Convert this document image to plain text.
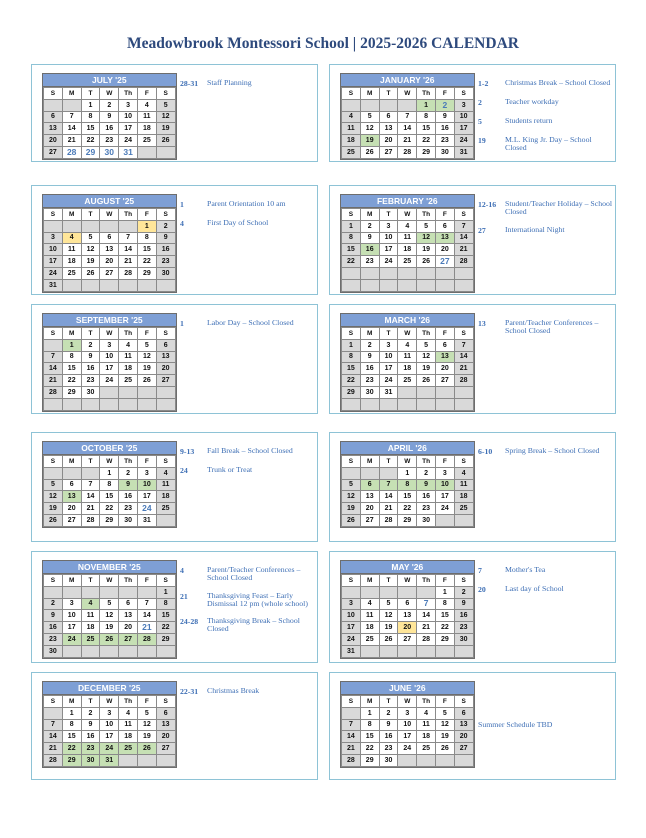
Meadowbrook Montessori School | 2025-2026 CALENDAR
JULY '25
S	M	T	W	Th	F	S
		1	2	3	4	5
6	7	8	9	10	11	12
13	14	15	16	17	18	19
20	21	22	23	24	25	26
27	28	29	30	31		
28-31	Staff Planning	JANUARY '26
S	M	T	W	Th	F	S
				1	2	3
4	5	6	7	8	9	10
11	12	13	14	15	16	17
18	19	20	21	22	23	24
25	26	27	28	29	30	31
1-2	Christmas Break – School Closed
2	Teacher workday
5	Students return
19	M.L. King Jr. Day – School Closed
AUGUST '25
S	M	T	W	Th	F	S
					1	2
3	4	5	6	7	8	9
10	11	12	13	14	15	16
17	18	19	20	21	22	23
24	25	26	27	28	29	30
31						
1	Parent Orientation 10 am
4	First Day of School
FEBRUARY '26
S	M	T	W	Th	F	S
1	2	3	4	5	6	7
8	9	10	11	12	13	14
15	16	17	18	19	20	21
22	23	24	25	26	27	28

12-16	Student/Teacher Holiday – School Closed
27	International Night
SEPTEMBER '25
S	M	T	W	Th	F	S
	1	2	3	4	5	6
7	8	9	10	11	12	13
14	15	16	17	18	19	20
21	22	23	24	25	26	27
28	29	30				

1	Labor Day – School Closed	MARCH '26
S	M	T	W	Th	F	S
1	2	3	4	5	6	7
8	9	10	11	12	13	14
15	16	17	18	19	20	21
22	23	24	25	26	27	28
29	30	31				

13	Parent/Teacher Conferences – School Closed
OCTOBER '25
S	M	T	W	Th	F	S
			1	2	3	4
5	6	7	8	9	10	11
12	13	14	15	16	17	18
19	20	21	22	23	24	25
26	27	28	29	30	31	
9-13	Fall Break – School Closed
24	Trunk or Treat
APRIL '26
S	M	T	W	Th	F	S
			1	2	3	4
5	6	7	8	9	10	11
12	13	14	15	16	17	18
19	20	21	22	23	24	25
26	27	28	29	30		
6-10	Spring Break – School Closed
NOVEMBER '25
S	M	T	W	Th	F	S
						1
2	3	4	5	6	7	8
9	10	11	12	13	14	15
16	17	18	19	20	21	22
23	24	25	26	27	28	29
30						
4	Parent/Teacher Conferences – School Closed
21	Thanksgiving Feast – Early Dismissal 12 pm (whole school)
24-28	Thanksgiving Break – School Closed
MAY '26
S	M	T	W	Th	F	S
					1	2
3	4	5	6	7	8	9
10	11	12	13	14	15	16
17	18	19	20	21	22	23
24	25	26	27	28	29	30
31						
7	Mother's Tea
20	Last day of School
DECEMBER '25
S	M	T	W	Th	F	S
	1	2	3	4	5	6
7	8	9	10	11	12	13
14	15	16	17	18	19	20
21	22	23	24	25	26	27
28	29	30	31			
22-31	Christmas Break	JUNE '26
S	M	T	W	Th	F	S
	1	2	3	4	5	6
7	8	9	10	11	12	13
14	15	16	17	18	19	20
21	22	23	24	25	26	27
28	29	30				
Summer Schedule TBD
